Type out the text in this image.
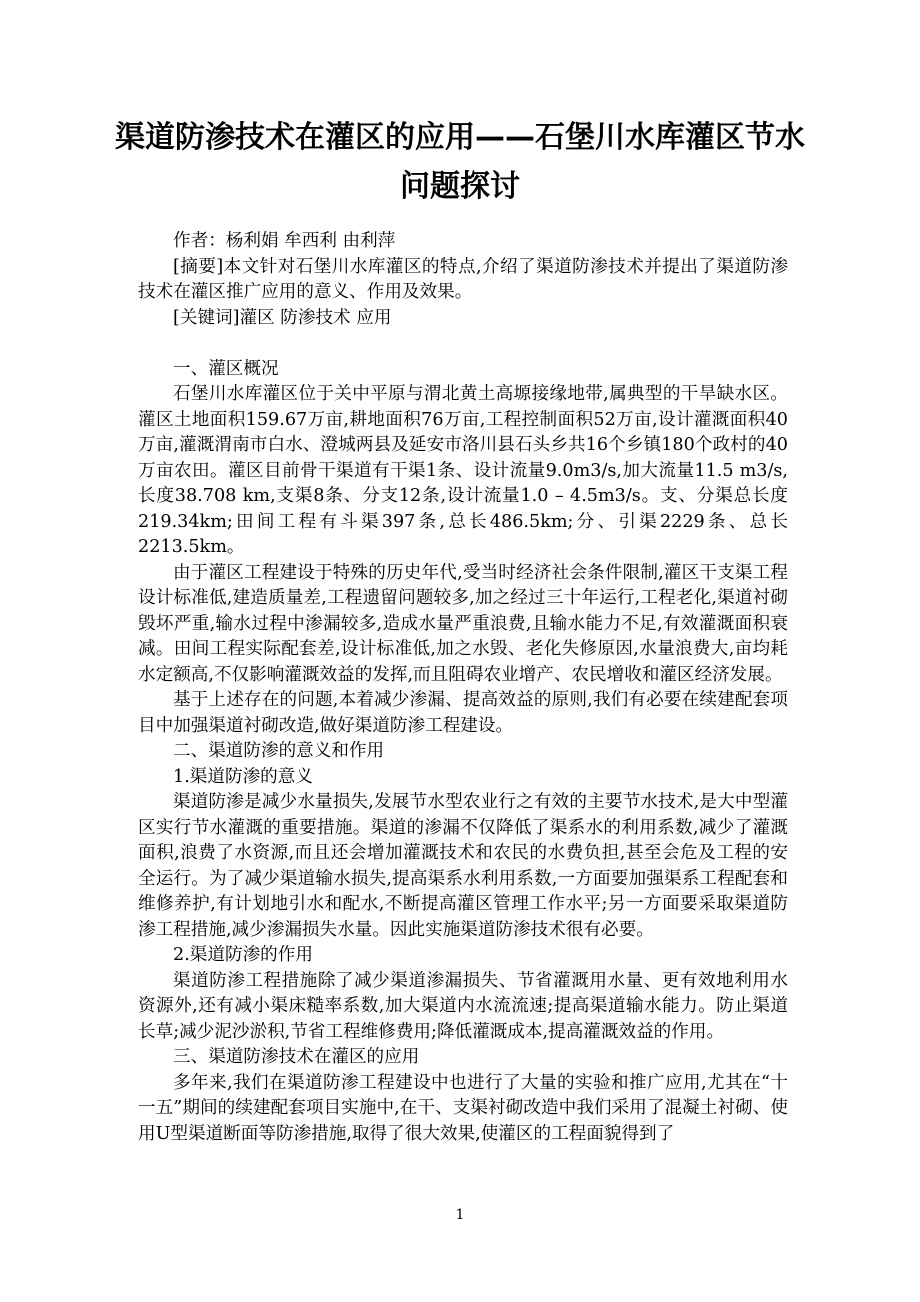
渠道防渗技术在灌区的应用——石堡川水库灌区节水
问题探讨

作者：杨利娟 牟西利 由利萍

[摘要]本文针对石堡川水库灌区的特点,介绍了渠道防渗技术并提出了渠道防渗技术在灌区推广应用的意义、作用及效果。

[关键词]灌区 防渗技术 应用

一、灌区概况

石堡川水库灌区位于关中平原与渭北黄土高塬接缘地带,属典型的干旱缺水区。灌区土地面积159.67万亩,耕地面积76万亩,工程控制面积52万亩,设计灌溉面积40万亩,灌溉渭南市白水、澄城两县及延安市洛川县石头乡共16个乡镇180个政村的40万亩农田。灌区目前骨干渠道有干渠1条、设计流量9.0m3/s,加大流量11.5 m3/s,长度38.708 km,支渠8条、分支12条,设计流量1.0 – 4.5m3/s。支、分渠总长度219.34km;田间工程有斗渠397条,总长486.5km;分、引渠2229条、总长2213.5km。

由于灌区工程建设于特殊的历史年代,受当时经济社会条件限制,灌区干支渠工程设计标准低,建造质量差,工程遗留问题较多,加之经过三十年运行,工程老化,渠道衬砌毁坏严重,输水过程中渗漏较多,造成水量严重浪费,且输水能力不足,有效灌溉面积衰减。田间工程实际配套差,设计标准低,加之水毁、老化失修原因,水量浪费大,亩均耗水定额高,不仅影响灌溉效益的发挥,而且阻碍农业增产、农民增收和灌区经济发展。

基于上述存在的问题,本着减少渗漏、提高效益的原则,我们有必要在续建配套项目中加强渠道衬砌改造,做好渠道防渗工程建设。

二、渠道防渗的意义和作用

1.渠道防渗的意义

渠道防渗是减少水量损失,发展节水型农业行之有效的主要节水技术,是大中型灌区实行节水灌溉的重要措施。渠道的渗漏不仅降低了渠系水的利用系数,减少了灌溉面积,浪费了水资源,而且还会增加灌溉技术和农民的水费负担,甚至会危及工程的安全运行。为了减少渠道输水损失,提高渠系水利用系数,一方面要加强渠系工程配套和维修养护,有计划地引水和配水,不断提高灌区管理工作水平;另一方面要采取渠道防渗工程措施,减少渗漏损失水量。因此实施渠道防渗技术很有必要。

2.渠道防渗的作用

渠道防渗工程措施除了减少渠道渗漏损失、节省灌溉用水量、更有效地利用水资源外,还有减小渠床糙率系数,加大渠道内水流流速;提高渠道输水能力。防止渠道长草;减少泥沙淤积,节省工程维修费用;降低灌溉成本,提高灌溉效益的作用。

三、渠道防渗技术在灌区的应用

多年来,我们在渠道防渗工程建设中也进行了大量的实验和推广应用,尤其在“十一五”期间的续建配套项目实施中,在干、支渠衬砌改造中我们采用了混凝土衬砌、使用U型渠道断面等防渗措施,取得了很大效果,使灌区的工程面貌得到了

1
